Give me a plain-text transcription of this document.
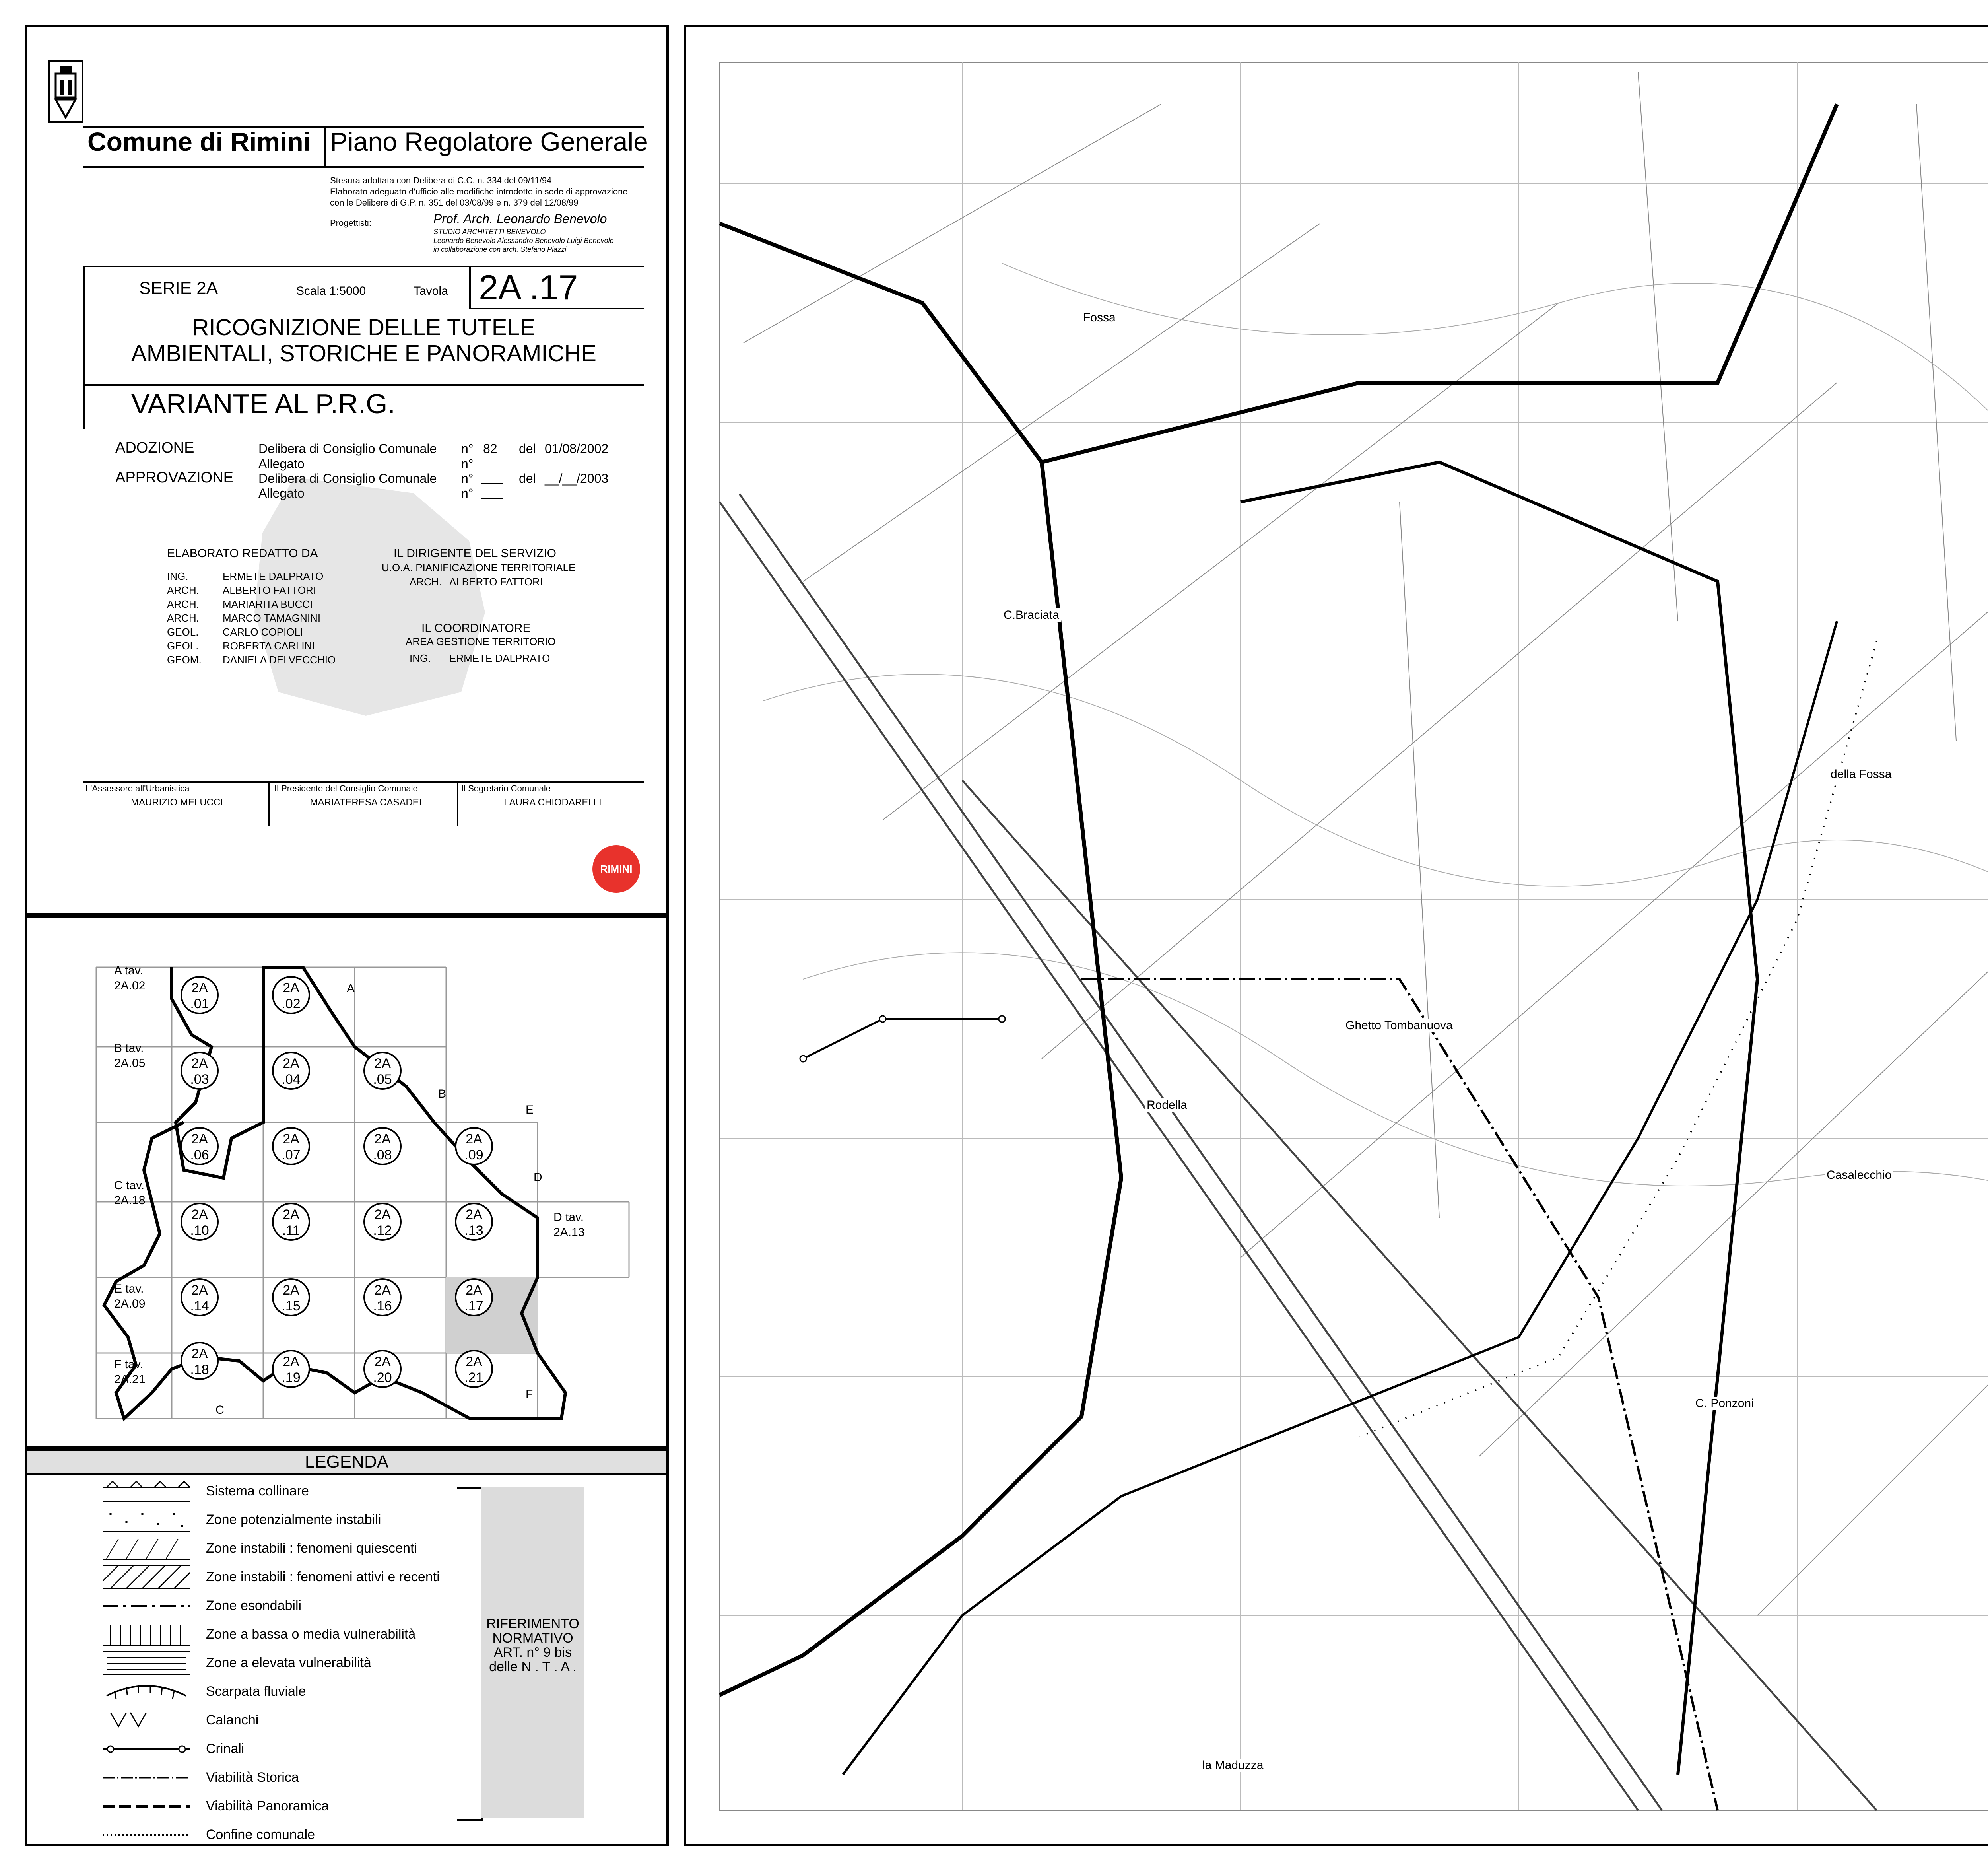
Comune di Rimini Piano Regolatore Generale
Stesura adottata con Delibera di C.C. n. 334 del 09/11/94
Elaborato adeguato d'ufficio alle modifiche introdotte in sede di approvazione
con le Delibere di G.P. n. 351 del 03/08/99 e n. 379 del 12/08/99
Progettisti:	Prof. Arch. Leonardo Benevolo
STUDIO ARCHITETTI BENEVOLO
Leonardo Benevolo Alessandro Benevolo Luigi Benevolo
in collaborazione con arch. Stefano Piazzi
SERIE 2A	Scala 1:5000	Tavola 2A .17
RICOGNIZIONE DELLE TUTELE
AMBIENTALI, STORICHE E PANORAMICHE
VARIANTE AL P.R.G.
ADOZIONE	Delibera di Consiglio Comunale n° 82 del 01/08/2002
Allegato	n°
APPROVAZIONE Delibera di Consiglio Comunale n°	del __/__/2003
Allegato	n°
ELABORATO REDATTO DA
ING.	ERMETE DALPRATO
ARCH. ALBERTO FATTORI
ARCH. MARIARITA BUCCI
ARCH. MARCO TAMAGNINI
GEOL. CARLO COPIOLI
GEOL. ROBERTA CARLINI
GEOM. DANIELA DELVECCHIO
IL DIRIGENTE DEL SERVIZIO
U.O.A. PIANIFICAZIONE TERRITORIALE
ARCH. ALBERTO FATTORI
IL COORDINATORE
AREA GESTIONE TERRITORIO
ING. ERMETE DALPRATO
L'Assessore all'Urbanistica
MAURIZIO MELUCCI
Il Presidente del Consiglio Comunale
MARIATERESA CASADEI
Il Segretario Comunale
LAURA CHIODARELLI
RIMINI
2A
.01
2A
.02
2A
.03
2A
.04
2A
.05
2A
.06
2A
.07
2A
.08
2A
.09
2A
.10
2A
.11
2A
.12
2A
.13
2A
.14
2A
.15
2A
.16
2A
.17
2A
.18
2A
.19
2A
.20
2A
.21
A tav.
2A.02
B tav.
2A.05
C tav.
2A.18
D tav.
2A.13
E tav.
2A.09
F tav.
2A.21
A
B
C
D
E
F
LEGENDA
Sistema collinare
Zone potenzialmente instabili
Zone instabili : fenomeni quiescenti
Zone instabili : fenomeni attivi e recenti
Zone esondabili
Zone a bassa o media vulnerabilità
Zone a elevata vulnerabilità
Scarpata fluviale
Calanchi
Crinali
Viabilità Storica
Viabilità Panoramica
Confine comunale
RIFERIMENTO
NORMATIVO
ART. n° 9 bis
delle N . T . A .
C.Braciata
Ghetto Tombanuova
della Fossa
Casalecchio
C. Ponzoni
la Maduzza
Rodella
Fossa
